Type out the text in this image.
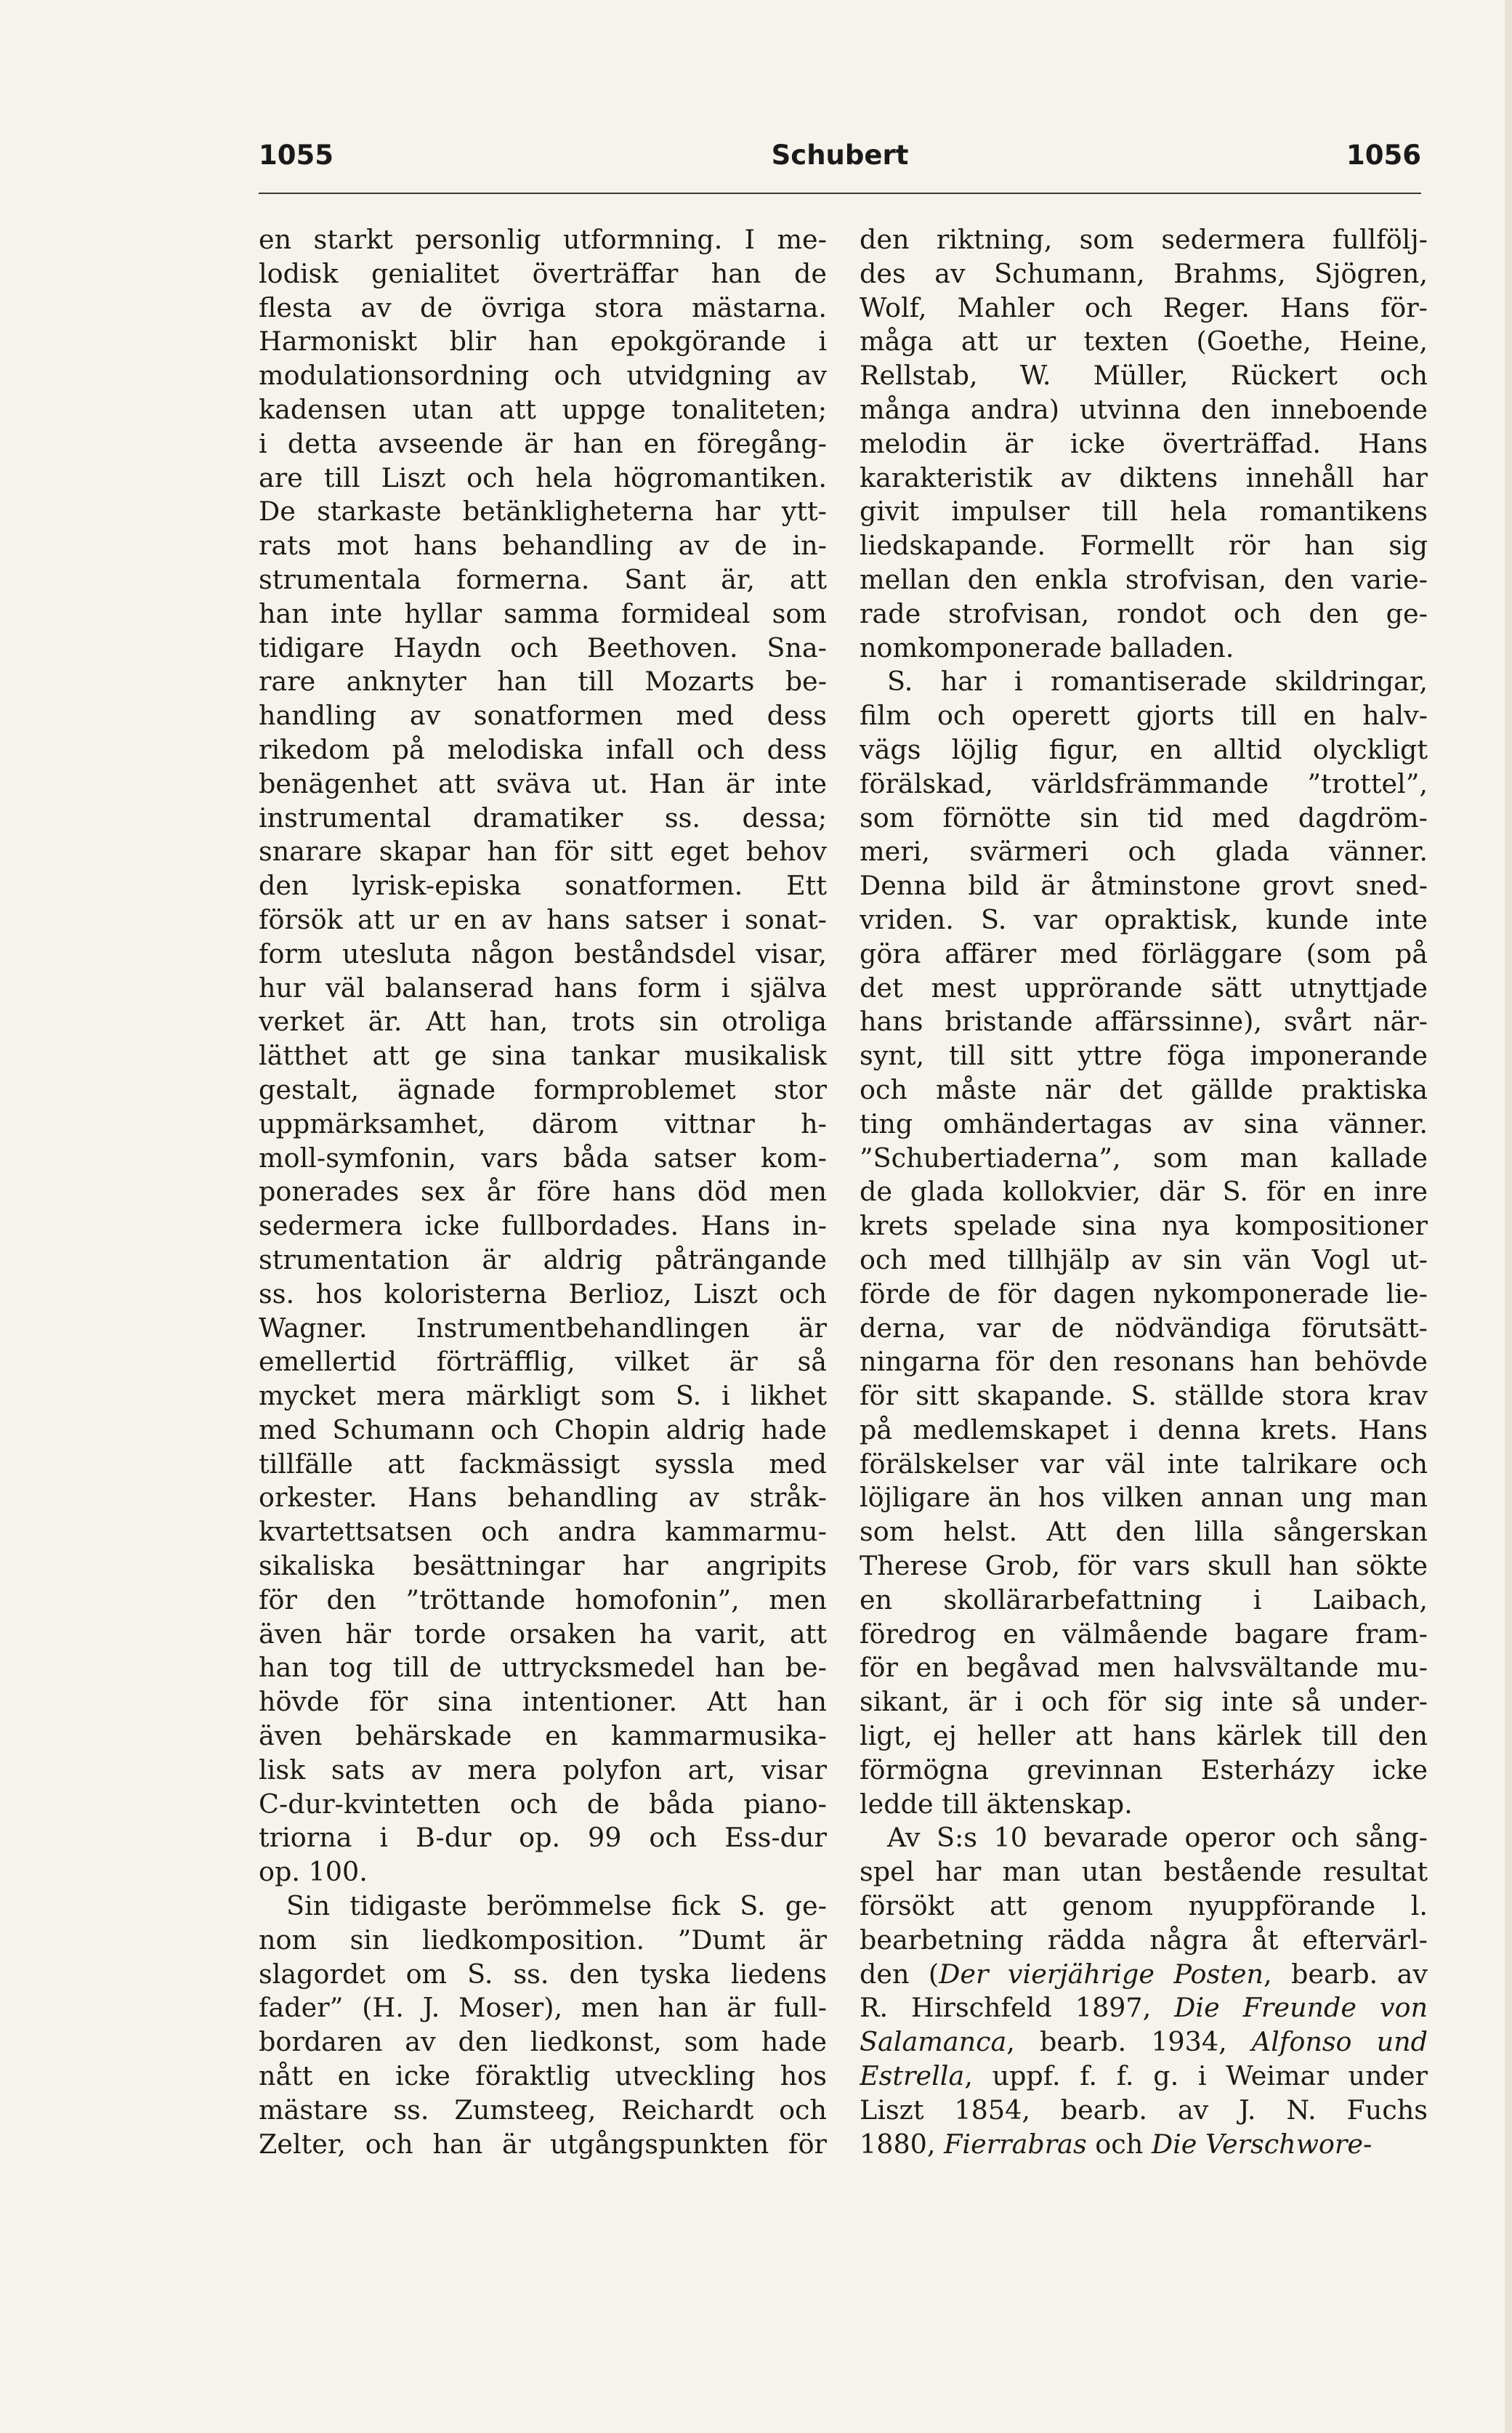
1055	Schubert	1056
en starkt personlig utformning. I me-
lodisk genialitet överträffar han de
flesta av de övriga stora mästarna.
Harmoniskt blir han epokgörande i
modulationsordning och utvidgning av
kadensen utan att uppge tonaliteten;
i detta avseende är han en föregång-
are till Liszt och hela högromantiken.
De starkaste betänkligheterna har ytt-
rats mot hans behandling av de in-
strumentala formerna. Sant är, att
han inte hyllar samma formideal som
tidigare Haydn och Beethoven. Sna-
rare anknyter han till Mozarts be-
handling av sonatformen med dess
rikedom på melodiska infall och dess
benägenhet att sväva ut. Han är inte
instrumental dramatiker ss. dessa;
snarare skapar han för sitt eget behov
den lyrisk-episka sonatformen. Ett
försök att ur en av hans satser i sonat-
form utesluta någon beståndsdel visar,
hur väl balanserad hans form i själva
verket är. Att han, trots sin otroliga
lätthet att ge sina tankar musikalisk
gestalt, ägnade formproblemet stor
uppmärksamhet, därom vittnar h-
moll-symfonin, vars båda satser kom-
ponerades sex år före hans död men
sedermera icke fullbordades. Hans in-
strumentation är aldrig påträngande
ss. hos koloristerna Berlioz, Liszt och
Wagner. Instrumentbehandlingen är
emellertid förträfflig, vilket är så
mycket mera märkligt som S. i likhet
med Schumann och Chopin aldrig hade
tillfälle att fackmässigt syssla med
orkester. Hans behandling av stråk-
kvartettsatsen och andra kammarmu-
sikaliska besättningar har angripits
för den ”tröttande homofonin”, men
även här torde orsaken ha varit, att
han tog till de uttrycksmedel han be-
hövde för sina intentioner. Att han
även behärskade en kammarmusika-
lisk sats av mera polyfon art, visar
C-dur-kvintetten och de båda piano-
triorna i B-dur op. 99 och Ess-dur
op. 100.
Sin tidigaste berömmelse fick S. ge-
nom sin liedkomposition. ”Dumt är
slagordet om S. ss. den tyska liedens
fader” (H. J. Moser), men han är full-
bordaren av den liedkonst, som hade
nått en icke föraktlig utveckling hos
mästare ss. Zumsteeg, Reichardt och
Zelter, och han är utgångspunkten för
den riktning, som sedermera fullfölj-
des av Schumann, Brahms, Sjögren,
Wolf, Mahler och Reger. Hans för-
måga att ur texten (Goethe, Heine,
Rellstab, W. Müller, Rückert och
många andra) utvinna den inneboende
melodin är icke överträffad. Hans
karakteristik av diktens innehåll har
givit impulser till hela romantikens
liedskapande. Formellt rör han sig
mellan den enkla strofvisan, den varie-
rade strofvisan, rondot och den ge-
nomkomponerade balladen.
S. har i romantiserade skildringar,
film och operett gjorts till en halv-
vägs löjlig figur, en alltid olyckligt
förälskad, världsfrämmande ”trottel”,
som förnötte sin tid med dagdröm-
meri, svärmeri och glada vänner.
Denna bild är åtminstone grovt sned-
vriden. S. var opraktisk, kunde inte
göra affärer med förläggare (som på
det mest upprörande sätt utnyttjade
hans bristande affärssinne), svårt när-
synt, till sitt yttre föga imponerande
och måste när det gällde praktiska
ting omhändertagas av sina vänner.
”Schubertiaderna”, som man kallade
de glada kollokvier, där S. för en inre
krets spelade sina nya kompositioner
och med tillhjälp av sin vän Vogl ut-
förde de för dagen nykomponerade lie-
derna, var de nödvändiga förutsätt-
ningarna för den resonans han behövde
för sitt skapande. S. ställde stora krav
på medlemskapet i denna krets. Hans
förälskelser var väl inte talrikare och
löjligare än hos vilken annan ung man
som helst. Att den lilla sångerskan
Therese Grob, för vars skull han sökte
en skollärarbefattning i Laibach,
föredrog en välmående bagare fram-
för en begåvad men halvsvältande mu-
sikant, är i och för sig inte så under-
ligt, ej heller att hans kärlek till den
förmögna grevinnan Esterházy icke
ledde till äktenskap.
Av S:s 10 bevarade operor och sång-
spel har man utan bestående resultat
försökt att genom nyuppförande l.
bearbetning rädda några åt eftervärl-
den (Der vierjährige Posten, bearb. av
R. Hirschfeld 1897, Die Freunde von
Salamanca, bearb. 1934, Alfonso und
Estrella, uppf. f. f. g. i Weimar under
Liszt 1854, bearb. av J. N. Fuchs
1880, Fierrabras och Die Verschwore-
